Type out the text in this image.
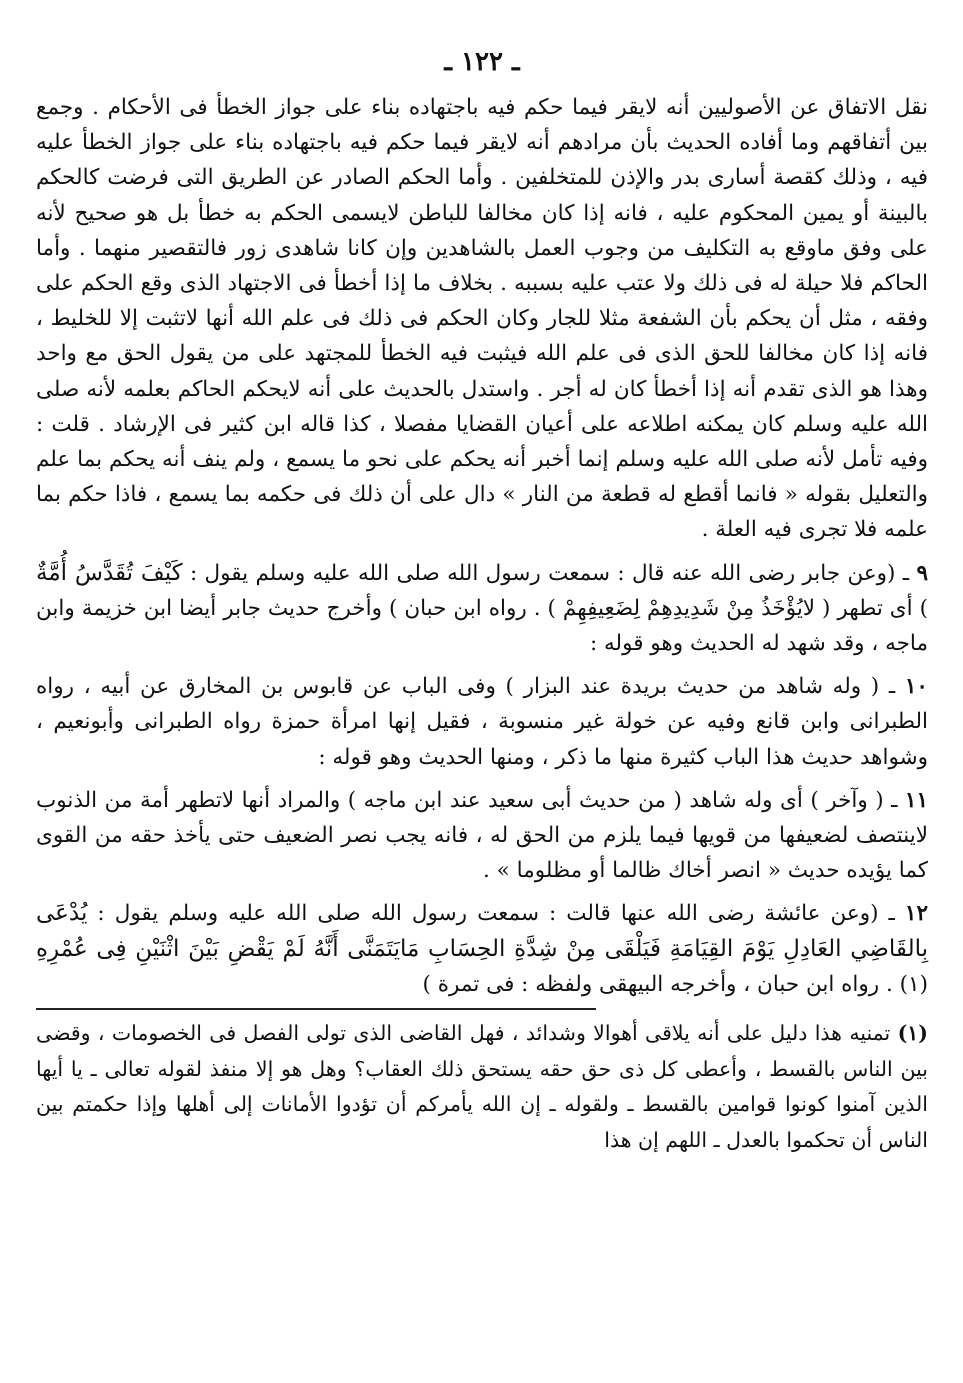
ـ ١٢٢ ـ

نقل الاتفاق عن الأصوليين أنه لايقر فيما حكم فيه باجتهاده بناء على جواز الخطأ فى الأحكام . وجمع بين أتفاقهم وما أفاده الحديث بأن مرادهم أنه لايقر فيما حكم فيه باجتهاده بناء على جواز الخطأ عليه فيه ، وذلك كقصة أسارى بدر والإذن للمتخلفين . وأما الحكم الصادر عن الطريق التى فرضت كالحكم بالبينة أو يمين المحكوم عليه ، فانه إذا كان مخالفا للباطن لايسمى الحكم به خطأ بل هو صحيح لأنه على وفق ماوقع به التكليف من وجوب العمل بالشاهدين وإن كانا شاهدى زور فالتقصير منهما . وأما الحاكم فلا حيلة له فى ذلك ولا عتب عليه بسببه . بخلاف ما إذا أخطأ فى الاجتهاد الذى وقع الحكم على وفقه ، مثل أن يحكم بأن الشفعة مثلا للجار وكان الحكم فى ذلك فى علم الله أنها لاتثبت إلا للخليط ، فانه إذا كان مخالفا للحق الذى فى علم الله فيثبت فيه الخطأ للمجتهد على من يقول الحق مع واحد وهذا هو الذى تقدم أنه إذا أخطأ كان له أجر . واستدل بالحديث على أنه لايحكم الحاكم بعلمه لأنه صلى الله عليه وسلم كان يمكنه اطلاعه على أعيان القضايا مفصلا ، كذا قاله ابن كثير فى الإرشاد . قلت : وفيه تأمل لأنه صلى الله عليه وسلم إنما أخبر أنه يحكم على نحو ما يسمع ، ولم ينف أنه يحكم بما علم والتعليل بقوله « فانما أقطع له قطعة من النار » دال على أن ذلك فى حكمه بما يسمع ، فاذا حكم بما علمه فلا تجرى فيه العلة .

٩ ـ (وعن جابر رضى الله عنه قال : سمعت رسول الله صلى الله عليه وسلم يقول : كَيْفَ تُقَدَّسُ أُمَّةٌ ) أى تطهر ( لايُؤْخَذُ مِنْ شَدِيدِهِمْ لِضَعِيفِهِمْ ) . رواه ابن حبان ) وأخرج حديث جابر أيضا ابن خزيمة وابن ماجه ، وقد شهد له الحديث وهو قوله :

١٠ ـ ( وله شاهد من حديث بريدة عند البزار ) وفى الباب عن قابوس بن المخارق عن أبيه ، رواه الطبرانى وابن قانع وفيه عن خولة غير منسوبة ، فقيل إنها امرأة حمزة رواه الطبرانى وأبونعيم ، وشواهد حديث هذا الباب كثيرة منها ما ذكر ، ومنها الحديث وهو قوله :

١١ ـ ( وآخر ) أى وله شاهد ( من حديث أبى سعيد عند ابن ماجه ) والمراد أنها لاتطهر أمة من الذنوب لاينتصف لضعيفها من قويها فيما يلزم من الحق له ، فانه يجب نصر الضعيف حتى يأخذ حقه من القوى كما يؤيده حديث « انصر أخاك ظالما أو مظلوما » .

١٢ ـ (وعن عائشة رضى الله عنها قالت : سمعت رسول الله صلى الله عليه وسلم يقول : يُدْعَى بِالقَاضِي العَادِلِ يَوْمَ القِيَامَةِ فَيَلْقَى مِنْ شِدَّةِ الحِسَابِ مَايَتَمَنَّى أَنَّهُ لَمْ يَقْضِ بَيْنَ اثْنَيْنِ فِى عُمْرِهِ (١) . رواه ابن حبان ، وأخرجه البيهقى ولفظه : فى تمرة )

(١) تمنيه هذا دليل على أنه يلاقى أهوالا وشدائد ، فهل القاضى الذى تولى الفصل فى الخصومات ، وقضى بين الناس بالقسط ، وأعطى كل ذى حق حقه يستحق ذلك العقاب؟ وهل هو إلا منفذ لقوله تعالى ـ يا أيها الذين آمنوا كونوا قوامين بالقسط ـ ولقوله ـ إن الله يأمركم أن تؤدوا الأمانات إلى أهلها وإذا حكمتم بين الناس أن تحكموا بالعدل ـ اللهم إن هذا
